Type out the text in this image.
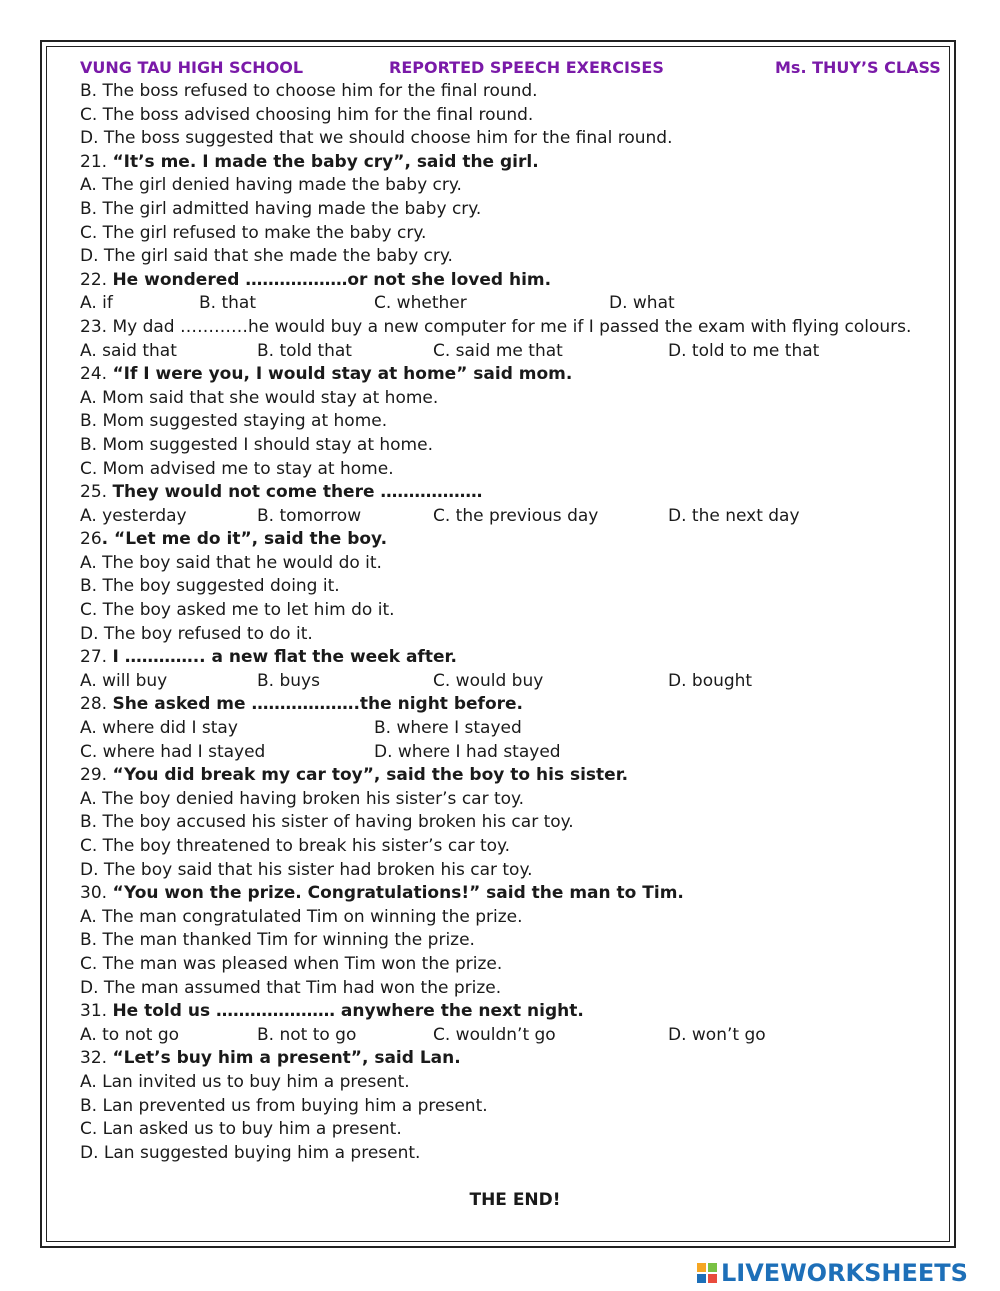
VUNG TAU HIGH SCHOOL	REPORTED SPEECH EXERCISES	Ms. THUY’S CLASS
B. The boss refused to choose him for the final round.
C. The boss advised choosing him for the final round.
D. The boss suggested that we should choose him for the final round.
21. “It’s me. I made the baby cry”, said the girl.
A. The girl denied having made the baby cry.
B. The girl admitted having made the baby cry.
C. The girl refused to make the baby cry.
D. The girl said that she made the baby cry.
22. He wondered ………………or not she loved him.
A. if	B. that	C. whether	D. what
23. My dad …………he would buy a new computer for me if I passed the exam with flying colours.
A. said that	B. told that	C. said me that	D. told to me that
24. “If I were you, I would stay at home” said mom.
A. Mom said that she would stay at home.
B. Mom suggested staying at home.
B. Mom suggested I should stay at home.
C. Mom advised me to stay at home.
25. They would not come there ………………
A. yesterday	B. tomorrow	C. the previous day	D. the next day
26. “Let me do it”, said the boy.
A. The boy said that he would do it.
B. The boy suggested doing it.
C. The boy asked me to let him do it.
D. The boy refused to do it.
27. I ………….. a new flat the week after.
A. will buy	B. buys	C. would buy	D. bought
28. She asked me ……………….the night before.
A. where did I stay	B. where I stayed
C. where had I stayed	D. where I had stayed
29. “You did break my car toy”, said the boy to his sister.
A. The boy denied having broken his sister’s car toy.
B. The boy accused his sister of having broken his car toy.
C. The boy threatened to break his sister’s car toy.
D. The boy said that his sister had broken his car toy.
30. “You won the prize. Congratulations!” said the man to Tim.
A. The man congratulated Tim on winning the prize.
B. The man thanked Tim for winning the prize.
C. The man was pleased when Tim won the prize.
D. The man assumed that Tim had won the prize.
31. He told us ………………… anywhere the next night.
A. to not go	B. not to go	C. wouldn’t go	D. won’t go
32. “Let’s buy him a present”, said Lan.
A. Lan invited us to buy him a present.
B. Lan prevented us from buying him a present.
C. Lan asked us to buy him a present.
D. Lan suggested buying him a present.
THE END!
LIVEWORKSHEETS
